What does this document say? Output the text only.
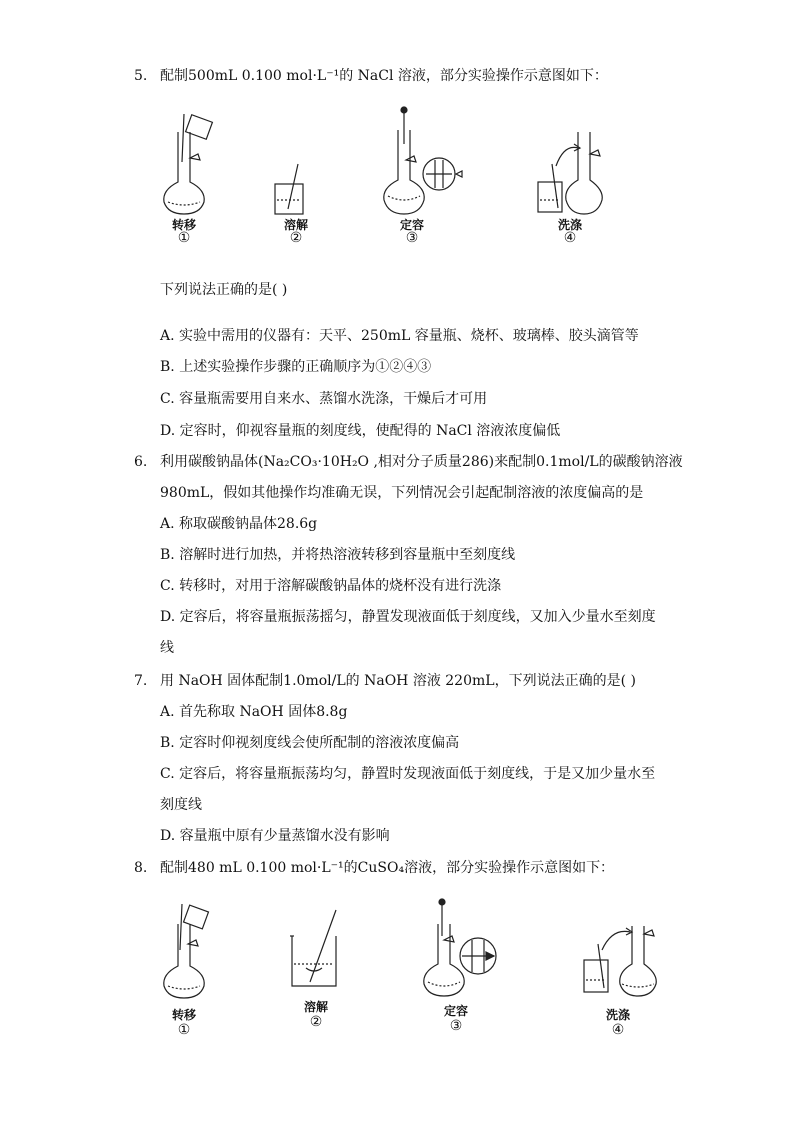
5. 配制500mL 0.100 mol·L⁻¹的 NaCl 溶液，部分实验操作示意图如下：
转移
①
溶解
②
定容
③
洗涤
④
下列说法正确的是( )
A. 实验中需用的仪器有：天平、250mL 容量瓶、烧杯、玻璃棒、胶头滴管等
B. 上述实验操作步骤的正确顺序为①②④③
C. 容量瓶需要用自来水、蒸馏水洗涤，干燥后才可用
D. 定容时，仰视容量瓶的刻度线，使配得的 NaCl 溶液浓度偏低
6. 利用碳酸钠晶体(Na₂CO₃·10H₂O ,相对分子质量286)来配制0.1mol/L的碳酸钠溶液
980mL，假如其他操作均准确无误，下列情况会引起配制溶液的浓度偏高的是
A. 称取碳酸钠晶体28.6g
B. 溶解时进行加热，并将热溶液转移到容量瓶中至刻度线
C. 转移时，对用于溶解碳酸钠晶体的烧杯没有进行洗涤
D. 定容后，将容量瓶振荡摇匀，静置发现液面低于刻度线，又加入少量水至刻度
线
7. 用 NaOH 固体配制1.0mol/L的 NaOH 溶液 220mL，下列说法正确的是( )
A. 首先称取 NaOH 固体8.8g
B. 定容时仰视刻度线会使所配制的溶液浓度偏高
C. 定容后，将容量瓶振荡均匀，静置时发现液面低于刻度线，于是又加少量水至
刻度线
D. 容量瓶中原有少量蒸馏水没有影响
8. 配制480 mL 0.100 mol·L⁻¹的CuSO₄溶液，部分实验操作示意图如下：
转移
①
溶解
②
定容
③
洗涤
④
